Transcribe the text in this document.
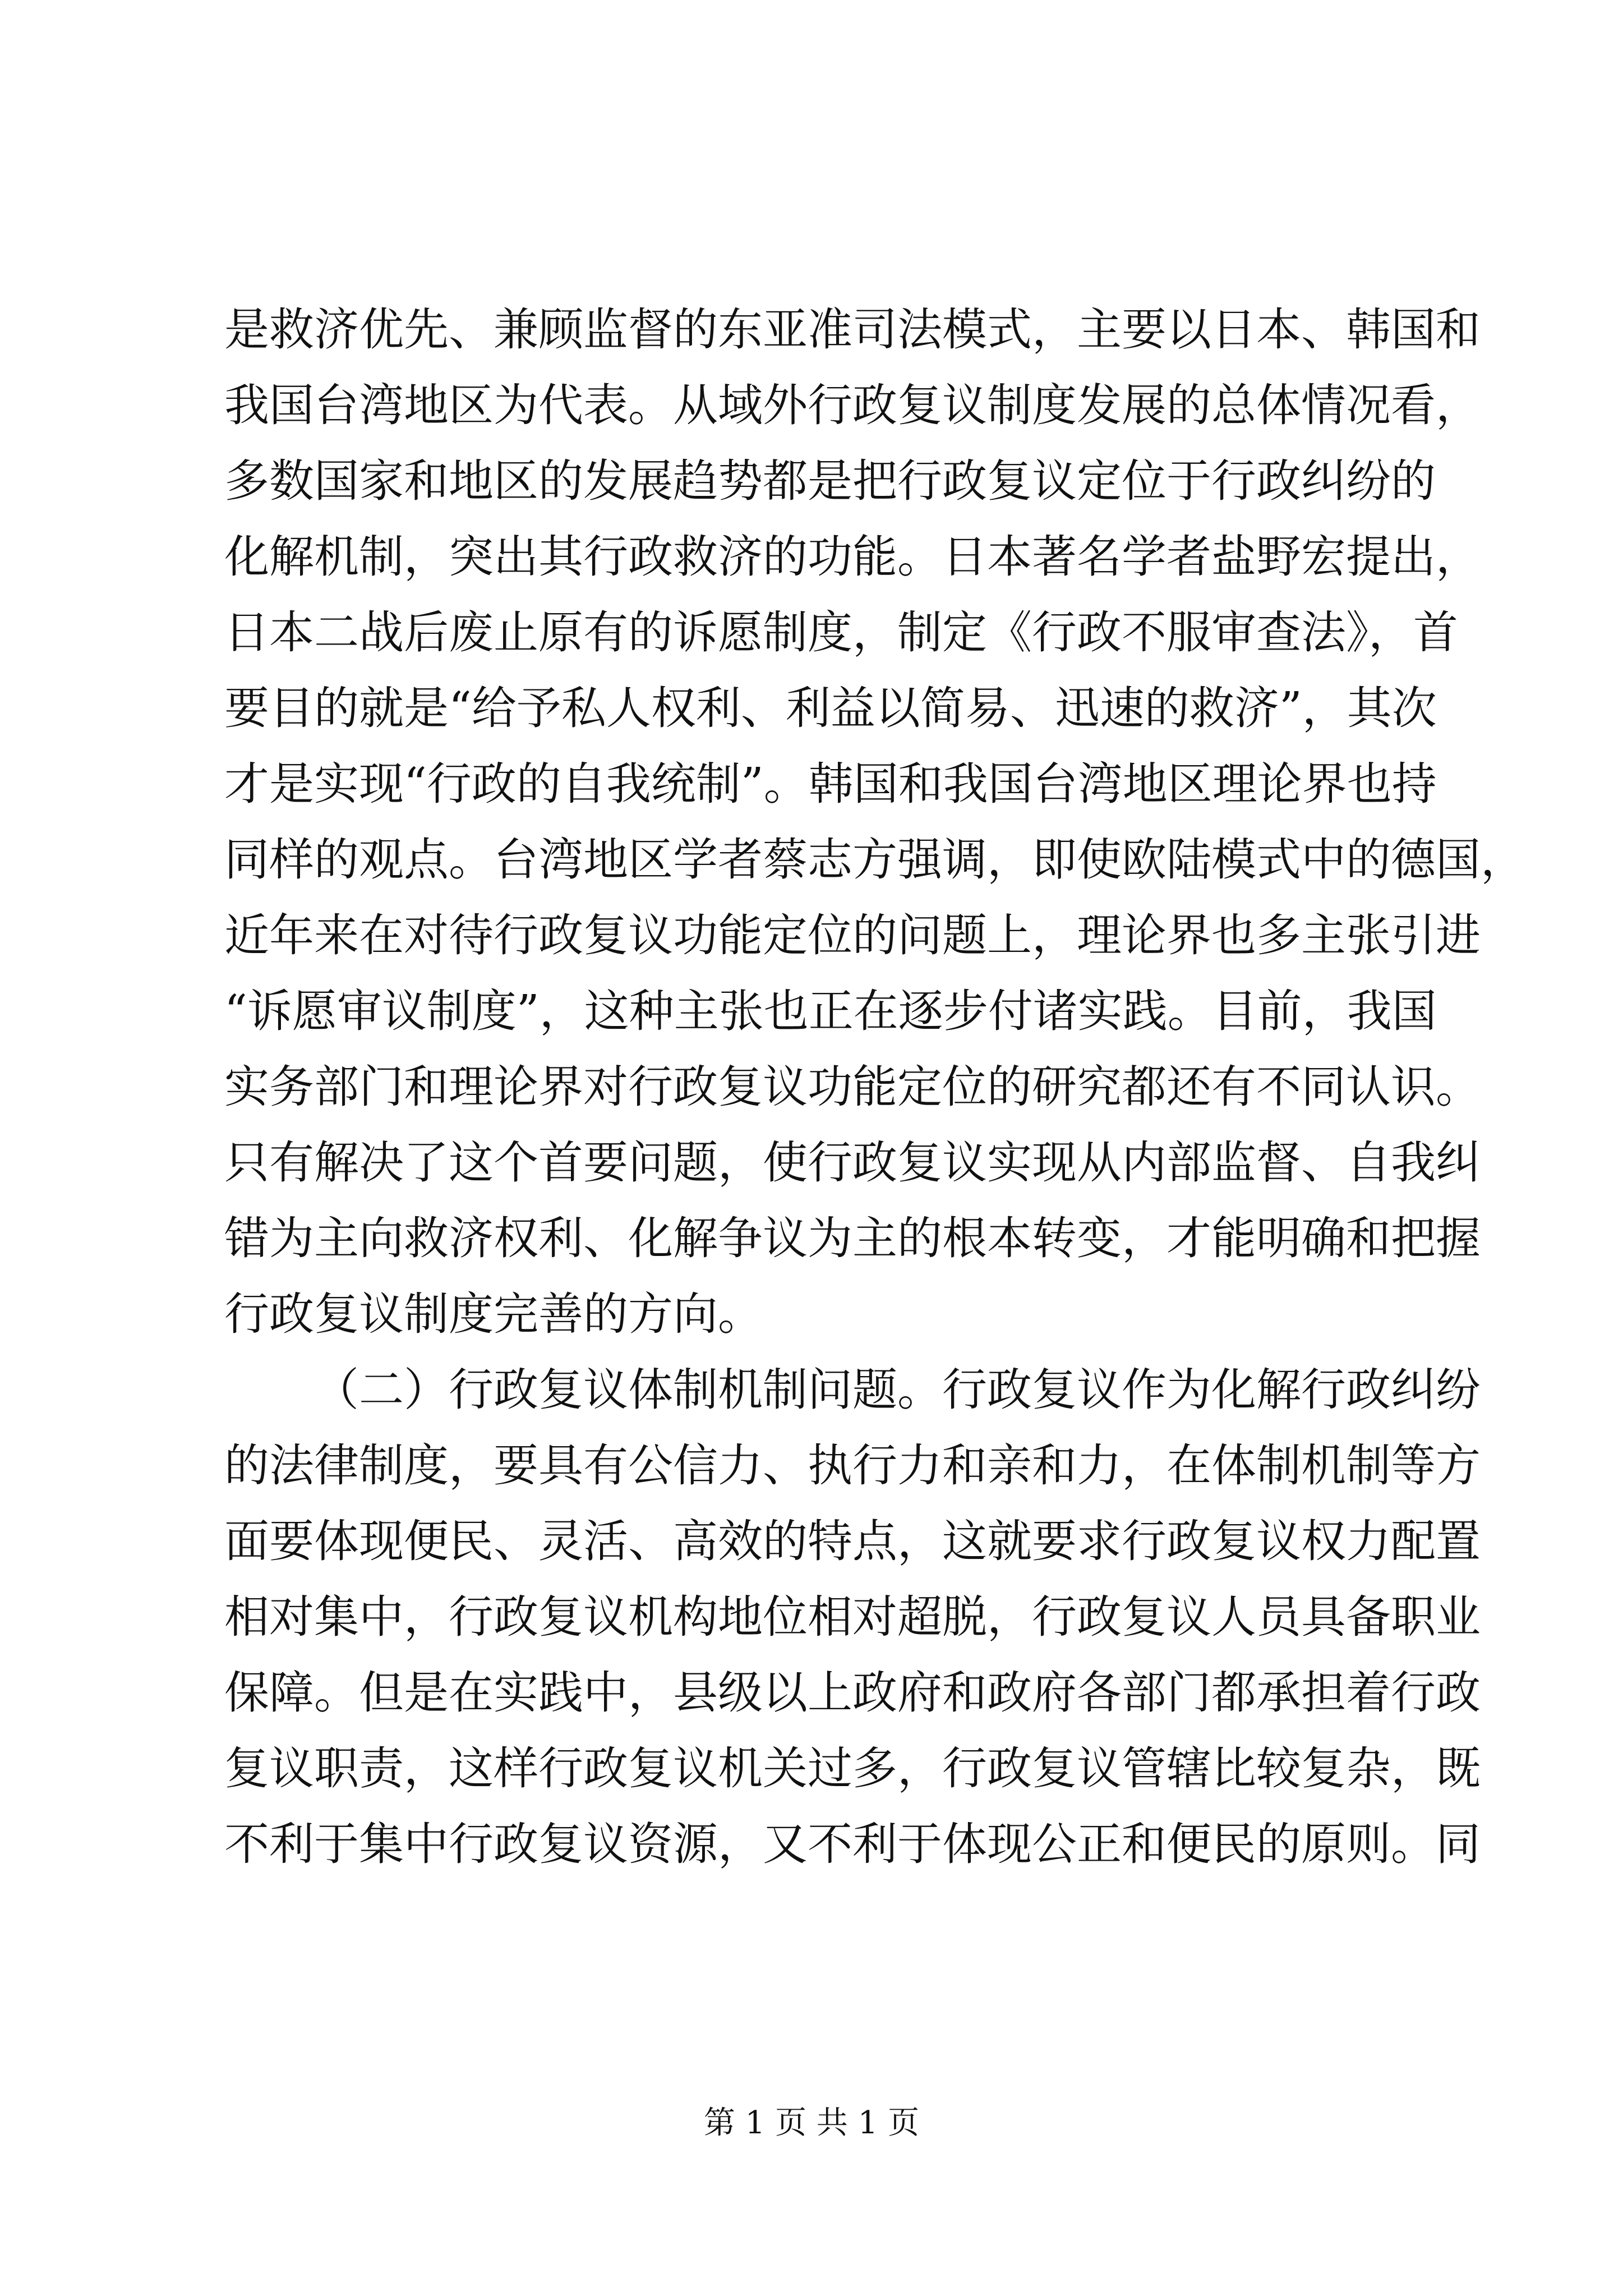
是救济优先、兼顾监督的东亚准司法模式，主要以日本、韩国和
我国台湾地区为代表。从域外行政复议制度发展的总体情况看，
多数国家和地区的发展趋势都是把行政复议定位于行政纠纷的
化解机制，突出其行政救济的功能。日本著名学者盐野宏提出，
日本二战后废止原有的诉愿制度，制定《行政不服审查法》，首
要目的就是“给予私人权利、利益以简易、迅速的救济”，其次
才是实现“行政的自我统制”。韩国和我国台湾地区理论界也持
同样的观点。台湾地区学者蔡志方强调，即使欧陆模式中的德国，
近年来在对待行政复议功能定位的问题上，理论界也多主张引进
“诉愿审议制度”，这种主张也正在逐步付诸实践。目前，我国
实务部门和理论界对行政复议功能定位的研究都还有不同认识。
只有解决了这个首要问题，使行政复议实现从内部监督、自我纠
错为主向救济权利、化解争议为主的根本转变，才能明确和把握
行政复议制度完善的方向。
（二）行政复议体制机制问题。行政复议作为化解行政纠纷
的法律制度，要具有公信力、执行力和亲和力，在体制机制等方
面要体现便民、灵活、高效的特点，这就要求行政复议权力配置
相对集中，行政复议机构地位相对超脱，行政复议人员具备职业
保障。但是在实践中，县级以上政府和政府各部门都承担着行政
复议职责，这样行政复议机关过多，行政复议管辖比较复杂，既
不利于集中行政复议资源，又不利于体现公正和便民的原则。同
第 1 页 共 1 页
